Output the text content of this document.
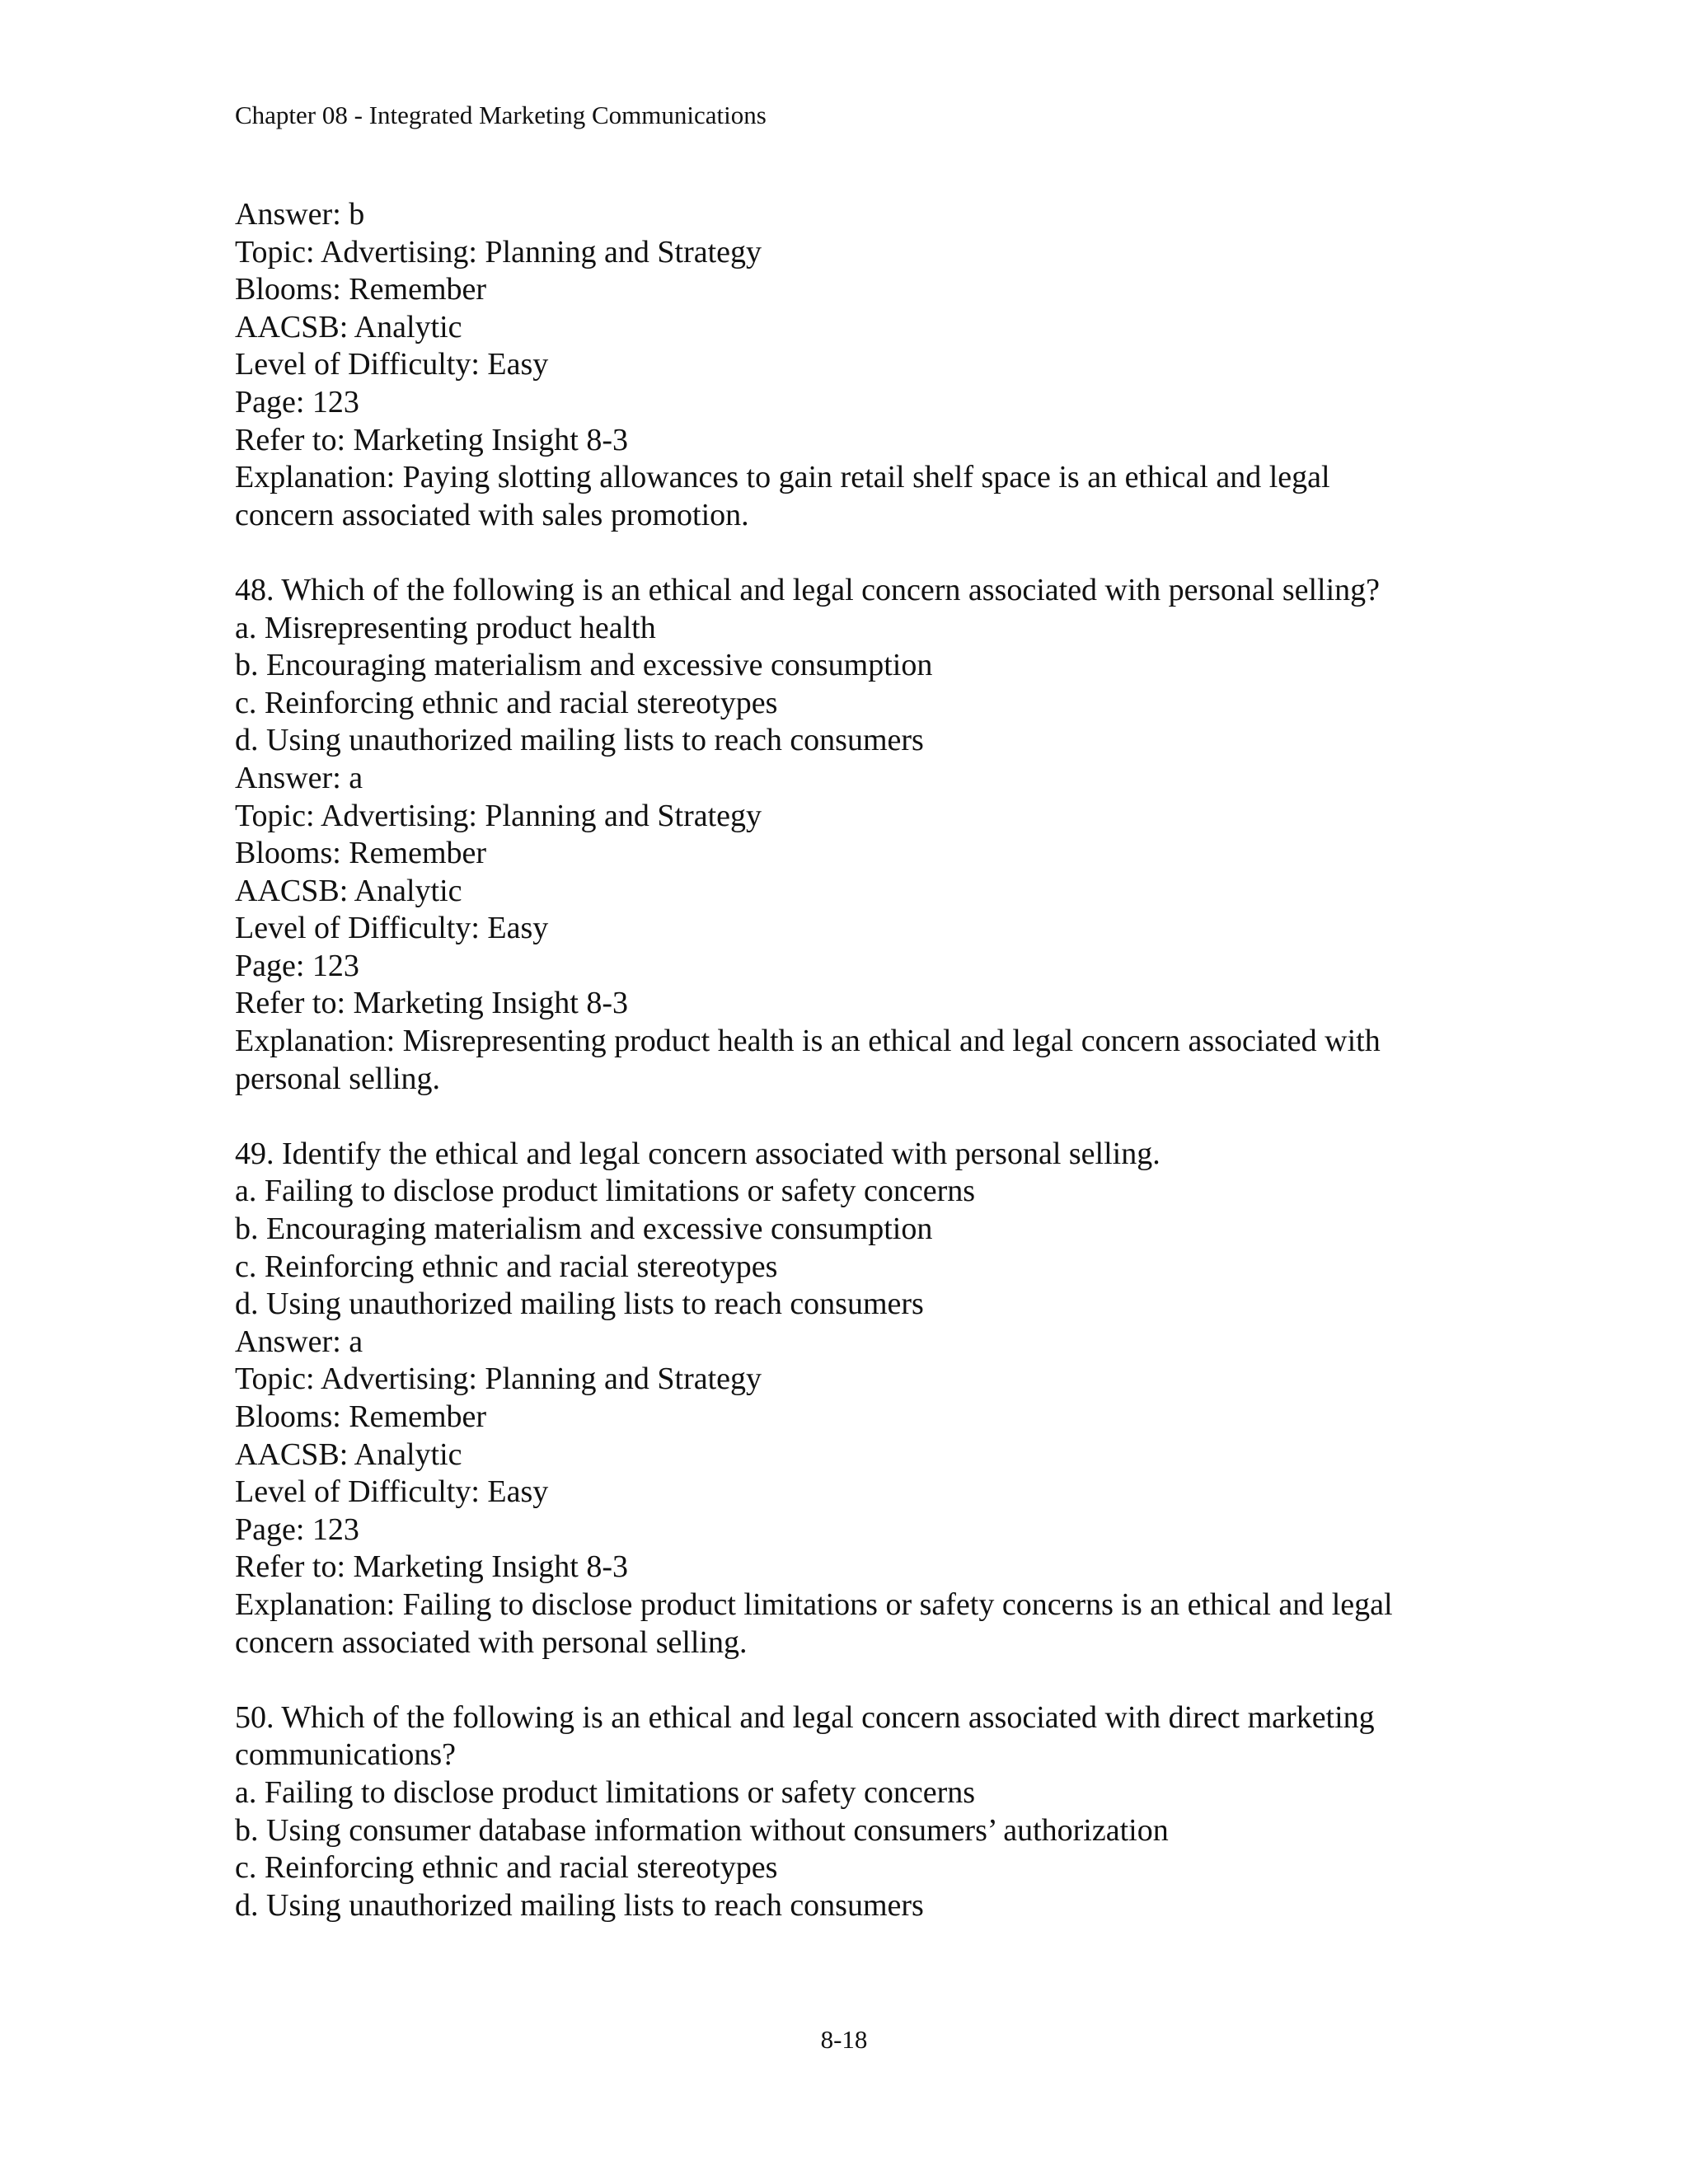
Chapter 08 - Integrated Marketing Communications
Answer: b
Topic: Advertising: Planning and Strategy
Blooms: Remember
AACSB: Analytic
Level of Difficulty: Easy
Page: 123
Refer to: Marketing Insight 8-3
Explanation: Paying slotting allowances to gain retail shelf space is an ethical and legal
concern associated with sales promotion.
48. Which of the following is an ethical and legal concern associated with personal selling?
a. Misrepresenting product health
b. Encouraging materialism and excessive consumption
c. Reinforcing ethnic and racial stereotypes
d. Using unauthorized mailing lists to reach consumers
Answer: a
Topic: Advertising: Planning and Strategy
Blooms: Remember
AACSB: Analytic
Level of Difficulty: Easy
Page: 123
Refer to: Marketing Insight 8-3
Explanation: Misrepresenting product health is an ethical and legal concern associated with
personal selling.
49. Identify the ethical and legal concern associated with personal selling.
a. Failing to disclose product limitations or safety concerns
b. Encouraging materialism and excessive consumption
c. Reinforcing ethnic and racial stereotypes
d. Using unauthorized mailing lists to reach consumers
Answer: a
Topic: Advertising: Planning and Strategy
Blooms: Remember
AACSB: Analytic
Level of Difficulty: Easy
Page: 123
Refer to: Marketing Insight 8-3
Explanation: Failing to disclose product limitations or safety concerns is an ethical and legal
concern associated with personal selling.
50. Which of the following is an ethical and legal concern associated with direct marketing
communications?
a. Failing to disclose product limitations or safety concerns
b. Using consumer database information without consumers’ authorization
c. Reinforcing ethnic and racial stereotypes
d. Using unauthorized mailing lists to reach consumers
8-18
